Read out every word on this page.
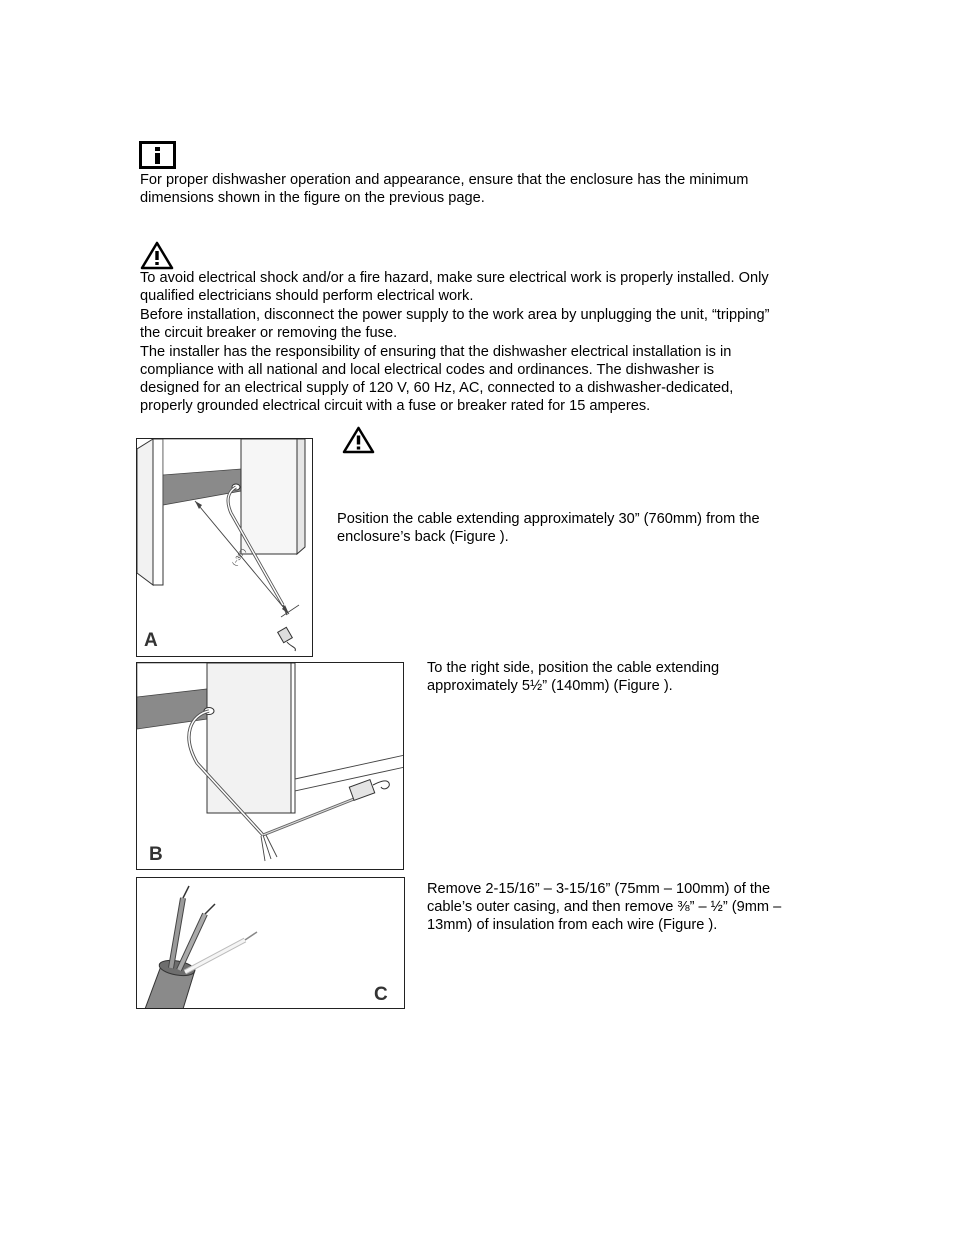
For proper dishwasher operation and appearance, ensure that the enclosure has the minimum
dimensions shown in the figure on the previous page.
To avoid electrical shock and/or a fire hazard, make sure electrical work is properly installed. Only
qualified electricians should perform electrical work.
Before installation, disconnect the power supply to the work area by unplugging the unit, “tripping”
the circuit breaker or removing the fuse.
The installer has the responsibility of ensuring that the dishwasher electrical installation is in
compliance with all national and local electrical codes and ordinances. The dishwasher is
designed for an electrical supply of 120 V, 60 Hz, AC, connected to a dishwasher-dedicated,
properly grounded electrical circuit with a fuse or breaker rated for 15 amperes.
(~30")
A
Position the cable extending approximately 30” (760mm) from the
enclosure’s back (Figure ).
B
To the right side, position the cable extending
approximately 5½” (140mm) (Figure ).
C
Remove 2-15/16” – 3-15/16” (75mm – 100mm) of the
cable’s outer casing, and then remove ⅜” – ½” (9mm –
13mm) of insulation from each wire (Figure ).
